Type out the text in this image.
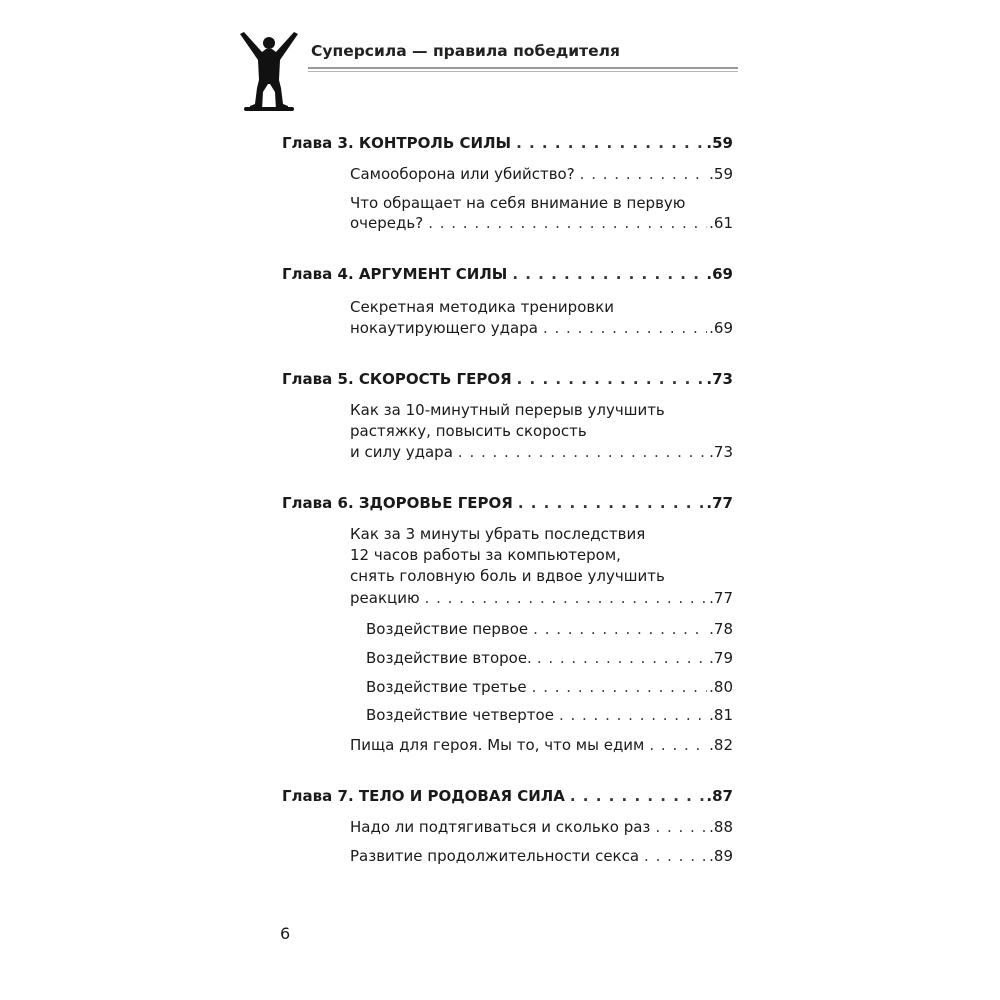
Суперсила — правила победителя
Глава 3. КОНТРОЛЬ СИЛЫ . . .	.59
Самооборона или убийство? . . .	.59
Что обращает на себя внимание в первую
очередь? . . .	.61
Глава 4. АРГУМЕНТ СИЛЫ . . .	.69
Секретная методика тренировки
нокаутирующего удара . . .	.69
Глава 5. СКОРОСТЬ ГЕРОЯ . . .	.73
Как за 10-минутный перерыв улучшить
растяжку, повысить скорость
и силу удара . . .	.73
Глава 6. ЗДОРОВЬЕ ГЕРОЯ . . .	.77
Как за 3 минуты убрать последствия
12 часов работы за компьютером,
снять головную боль и вдвое улучшить
реакцию . . .	.77
Воздействие первое . . .	.78
Воздействие второе. . . .	.79
Воздействие третье . . .	.80
Воздействие четвертое . . .	.81
Пища для героя. Мы то, что мы едим . . .	.82
Глава 7. ТЕЛО И РОДОВАЯ СИЛА . . .	.87
Надо ли подтягиваться и сколько раз . . .	.88
Развитие продолжительности секса . . .	.89
6
